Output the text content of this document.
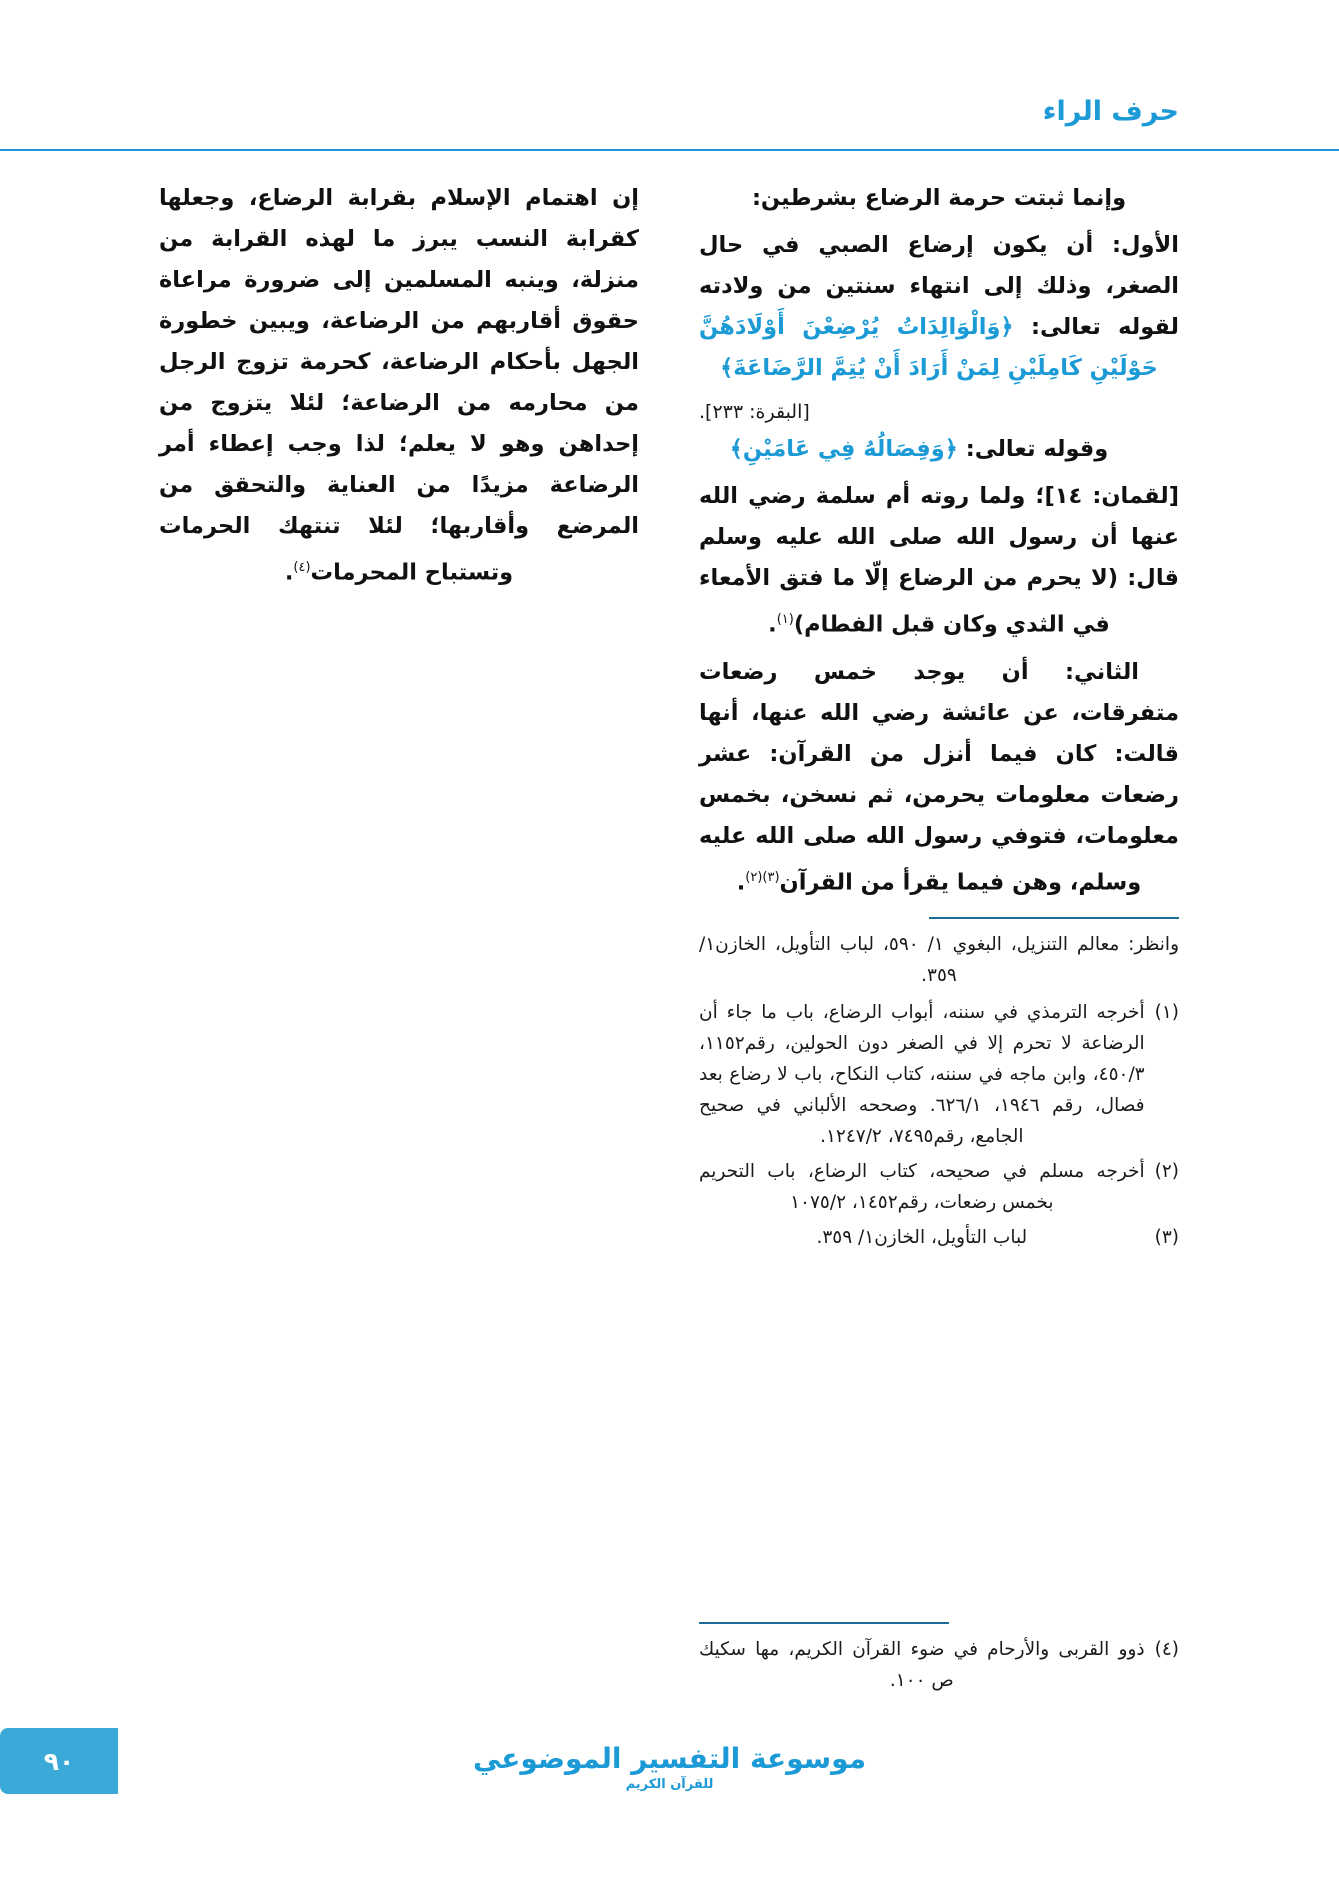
حرف الراء

وإنما ثبتت حرمة الرضاع بشرطين:

الأول: أن يكون إرضاع الصبي في حال الصغر، وذلك إلى انتهاء سنتين من ولادته لقوله تعالى: ﴿وَالْوَالِدَاتُ يُرْضِعْنَ أَوْلَادَهُنَّ حَوْلَيْنِ كَامِلَيْنِ لِمَنْ أَرَادَ أَنْ يُتِمَّ الرَّضَاعَةَ﴾

[البقرة: ٢٣٣].

وقوله تعالى: ﴿وَفِصَالُهُ فِي عَامَيْنِ﴾

[لقمان: ١٤]؛ ولما روته أم سلمة رضي الله عنها أن رسول الله صلى الله عليه وسلم قال: (لا يحرم من الرضاع إلّا ما فتق الأمعاء في الثدي وكان قبل الفطام)$^{(١)}$.

الثاني: أن يوجد خمس رضعات متفرقات، عن عائشة رضي الله عنها، أنها قالت: كان فيما أنزل من القرآن: عشر رضعات معلومات يحرمن، ثم نسخن، بخمس معلومات، فتوفي رسول الله صلى الله عليه وسلم، وهن فيما يقرأ من القرآن$^{(٣)(٢)}$.

وانظر: معالم التنزيل، البغوي ١/ ٥٩٠، لباب التأويل، الخازن١/ ٣٥٩.
(١)
أخرجه الترمذي في سننه، أبواب الرضاع، باب ما جاء أن الرضاعة لا تحرم إلا في الصغر دون الحولين، رقم١١٥٢، ٤٥٠/٣، وابن ماجه في سننه، كتاب النكاح، باب لا رضاع بعد فصال، رقم ١٩٤٦، ٦٢٦/١. وصححه الألباني في صحيح الجامع، رقم٧٤٩٥، ١٢٤٧/٢.
(٢)
أخرجه مسلم في صحيحه، كتاب الرضاع، باب التحريم بخمس رضعات، رقم١٤٥٢، ١٠٧٥/٢
(٣)
لباب التأويل، الخازن١/ ٣٥٩.

إن اهتمام الإسلام بقرابة الرضاع، وجعلها كقرابة النسب يبرز ما لهذه القرابة من منزلة، وينبه المسلمين إلى ضرورة مراعاة حقوق أقاربهم من الرضاعة، ويبين خطورة الجهل بأحكام الرضاعة، كحرمة تزوج الرجل من محارمه من الرضاعة؛ لئلا يتزوج من إحداهن وهو لا يعلم؛ لذا وجب إعطاء أمر الرضاعة مزيدًا من العناية والتحقق من المرضع وأقاربها؛ لئلا تنتهك الحرمات وتستباح المحرمات$^{(٤)}$.

(٤)
ذوو القربى والأرحام في ضوء القرآن الكريم، مها سكيك ص ١٠٠.
موسوعة التفسير الموضوعي
للقرآن الكريم
٩٠
